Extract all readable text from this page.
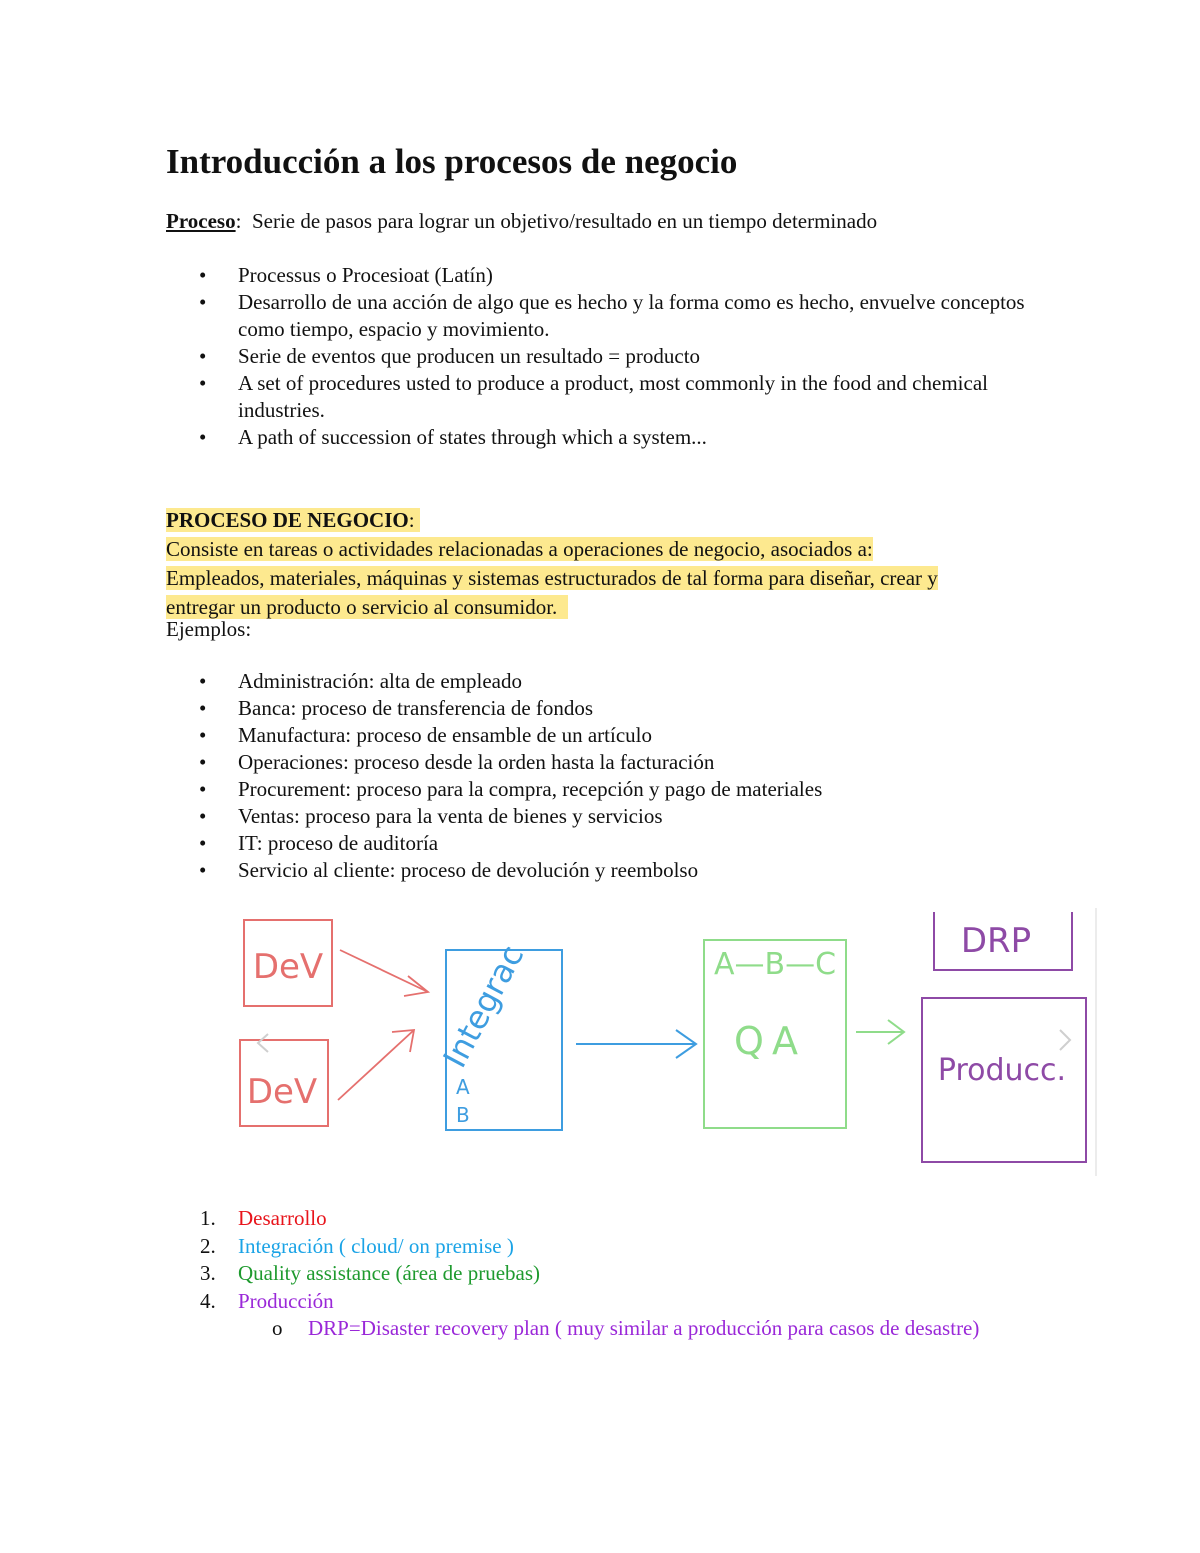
Introducción a los procesos de negocio

Proceso:  Serie de pasos para lograr un objetivo/resultado en un tiempo determinado

• Processus o Procesioat (Latín)
• Desarrollo de una acción de algo que es hecho y la forma como es hecho, envuelve conceptos como tiempo, espacio y movimiento.
• Serie de eventos que producen un resultado = producto
• A set of procedures usted to produce a product, most commonly in the food and chemical industries.
• A path of succession of states through which a system...
PROCESO DE NEGOCIO:
Consiste en tareas o actividades relacionadas a operaciones de negocio, asociados a:
Empleados, materiales, máquinas y sistemas estructurados de tal forma para diseñar, crear y
entregar un producto o servicio al consumidor.
Ejemplos:
• Administración: alta de empleado
• Banca: proceso de transferencia de fondos
• Manufactura: proceso de ensamble de un artículo
• Operaciones: proceso desde la orden hasta la facturación
• Procurement: proceso para la compra, recepción y pago de materiales
• Ventas: proceso para la venta de bienes y servicios
• IT: proceso de auditoría
• Servicio al cliente: proceso de devolución y reembolso
DeV
DeV
Integrac
A
B
A—B—C
QA
DRP
Producc.
1. Desarrollo
2. Integración ( cloud/ on premise )
3. Quality assistance (área de pruebas)
4. Producción
o DRP=Disaster recovery plan ( muy similar a producción para casos de desastre)
